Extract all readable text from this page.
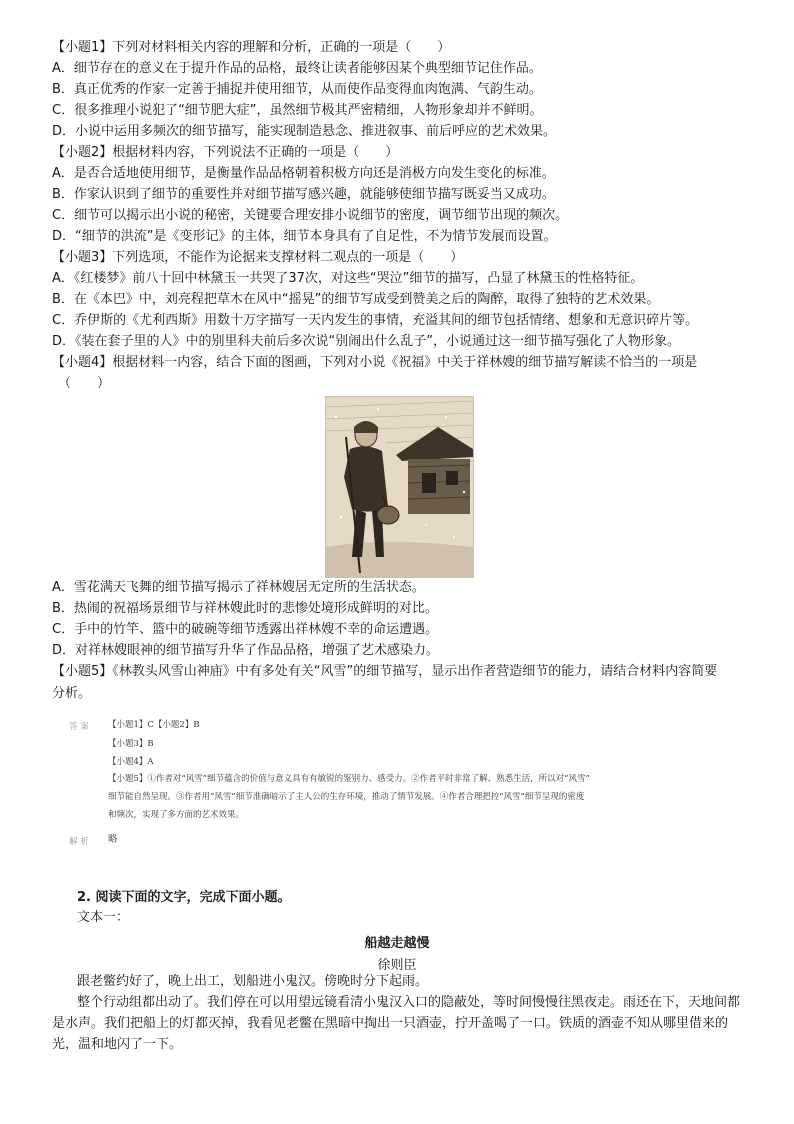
【小题1】下列对材料相关内容的理解和分析，正确的一项是（　　）
A．细节存在的意义在于提升作品的品格，最终让读者能够因某个典型细节记住作品。
B．真正优秀的作家一定善于捕捉并使用细节，从而使作品变得血肉饱满、气韵生动。
C．很多推理小说犯了“细节肥大症”，虽然细节极其严密精细，人物形象却并不鲜明。
D．小说中运用多频次的细节描写，能实现制造悬念、推进叙事、前后呼应的艺术效果。
【小题2】根据材料内容，下列说法不正确的一项是（　　）
A．是否合适地使用细节，是衡量作品品格朝着积极方向还是消极方向发生变化的标准。
B．作家认识到了细节的重要性并对细节描写感兴趣，就能够使细节描写既妥当又成功。
C．细节可以揭示出小说的秘密，关键要合理安排小说细节的密度，调节细节出现的频次。
D．“细节的洪流”是《变形记》的主体，细节本身具有了自足性，不为情节发展而设置。
【小题3】下列选项，不能作为论据来支撑材料二观点的一项是（　　）
A．《红楼梦》前八十回中林黛玉一共哭了37次，对这些“哭泣”细节的描写，凸显了林黛玉的性格特征。
B．在《本巴》中，刘亮程把草木在风中“摇晃”的细节写成受到赞美之后的陶醉，取得了独特的艺术效果。
C．乔伊斯的《尤利西斯》用数十万字描写一天内发生的事情，充溢其间的细节包括情绪、想象和无意识碎片等。
D．《装在套子里的人》中的别里科夫前后多次说“别闹出什么乱子”，小说通过这一细节描写强化了人物形象。
【小题4】根据材料一内容，结合下面的图画，下列对小说《祝福》中关于祥林嫂的细节描写解读不恰当的一项是
（　　）
A．雪花满天飞舞的细节描写揭示了祥林嫂居无定所的生活状态。
B．热闹的祝福场景细节与祥林嫂此时的悲惨处境形成鲜明的对比。
C．手中的竹竿、篮中的破碗等细节透露出祥林嫂不幸的命运遭遇。
D．对祥林嫂眼神的细节描写升华了作品品格，增强了艺术感染力。
【小题5】《林教头风雪山神庙》中有多处有关“风雪”的细节描写，显示出作者营造细节的能力，请结合材料内容简要
分析。
答 案 【小题1】C【小题2】B
【小题3】B
【小题4】A
【小题5】①作者对“风雪”细节蕴含的价值与意义具有有敏锐的鉴别力、感受力。②作者平时非常了解、熟悉生活，所以对“风雪”
细节能自然呈现。③作者用“风雪”细节准确暗示了主人公的生存环境，推动了情节发展。④作者合理把控“风雪”细节呈现的密度
和频次，实现了多方面的艺术效果。
解 析 略
2. 阅读下面的文字，完成下面小题。
文本一：
船越走越慢
徐则臣
跟老鳖约好了，晚上出工，划船进小鬼汉。傍晚时分下起雨。
整个行动组都出动了。我们停在可以用望远镜看清小鬼汉入口的隐蔽处，等时间慢慢往黑夜走。雨还在下，天地间都
是水声。我们把船上的灯都灭掉，我看见老鳖在黑暗中掏出一只酒壶，拧开盖喝了一口。铁质的酒壶不知从哪里借来的
光，温和地闪了一下。
